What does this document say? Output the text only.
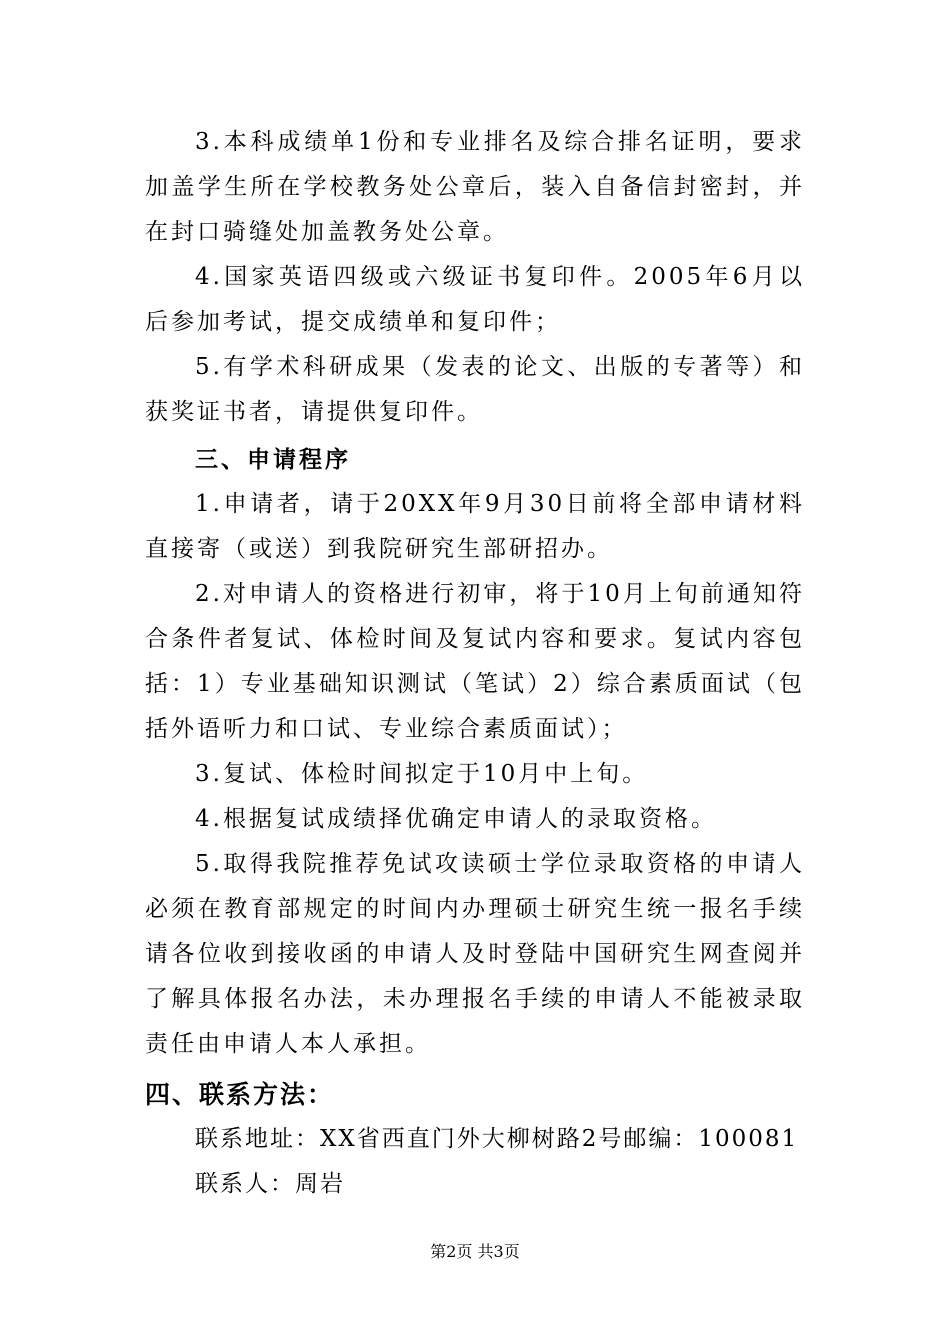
3.本科成绩单1份和专业排名及综合排名证明，要求加盖学生所在学校教务处公章后，装入自备信封密封，并在封口骑缝处加盖教务处公章。

4.国家英语四级或六级证书复印件。2005年6月以后参加考试，提交成绩单和复印件；

5.有学术科研成果（发表的论文、出版的专著等）和获奖证书者，请提供复印件。

三、申请程序

1.申请者，请于20XX年9月30日前将全部申请材料直接寄（或送）到我院研究生部研招办。

2.对申请人的资格进行初审，将于10月上旬前通知符合条件者复试、体检时间及复试内容和要求。复试内容包括：1）专业基础知识测试（笔试）2）综合素质面试（包括外语听力和口试、专业综合素质面试）；

3.复试、体检时间拟定于10月中上旬。

4.根据复试成绩择优确定申请人的录取资格。

5.取得我院推荐免试攻读硕士学位录取资格的申请人必须在教育部规定的时间内办理硕士研究生统一报名手续请各位收到接收函的申请人及时登陆中国研究生网查阅并了解具体报名办法，未办理报名手续的申请人不能被录取责任由申请人本人承担。

四、联系方法：

联系地址：XX省西直门外大柳树路2号邮编：100081

联系人：周岩

第2页 共3页
